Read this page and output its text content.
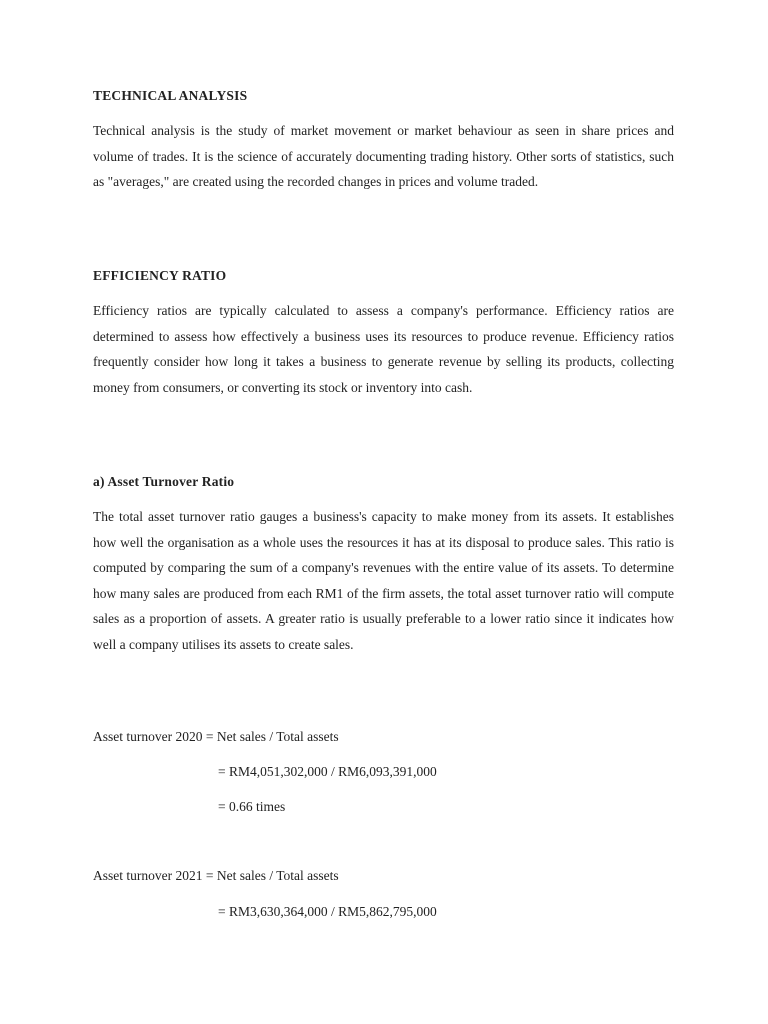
TECHNICAL ANALYSIS

Technical analysis is the study of market movement or market behaviour as seen in share prices and volume of trades. It is the science of accurately documenting trading history. Other sorts of statistics, such as "averages," are created using the recorded changes in prices and volume traded.

EFFICIENCY RATIO

Efficiency ratios are typically calculated to assess a company's performance. Efficiency ratios are determined to assess how effectively a business uses its resources to produce revenue. Efficiency ratios frequently consider how long it takes a business to generate revenue by selling its products, collecting money from consumers, or converting its stock or inventory into cash.

a) Asset Turnover Ratio

The total asset turnover ratio gauges a business's capacity to make money from its assets. It establishes how well the organisation as a whole uses the resources it has at its disposal to produce sales. This ratio is computed by comparing the sum of a company's revenues with the entire value of its assets. To determine how many sales are produced from each RM1 of the firm assets, the total asset turnover ratio will compute sales as a proportion of assets. A greater ratio is usually preferable to a lower ratio since it indicates how well a company utilises its assets to create sales.

Asset turnover 2020 = Net sales / Total assets

= RM4,051,302,000 / RM6,093,391,000

= 0.66 times

Asset turnover 2021 = Net sales / Total assets

= RM3,630,364,000 / RM5,862,795,000
